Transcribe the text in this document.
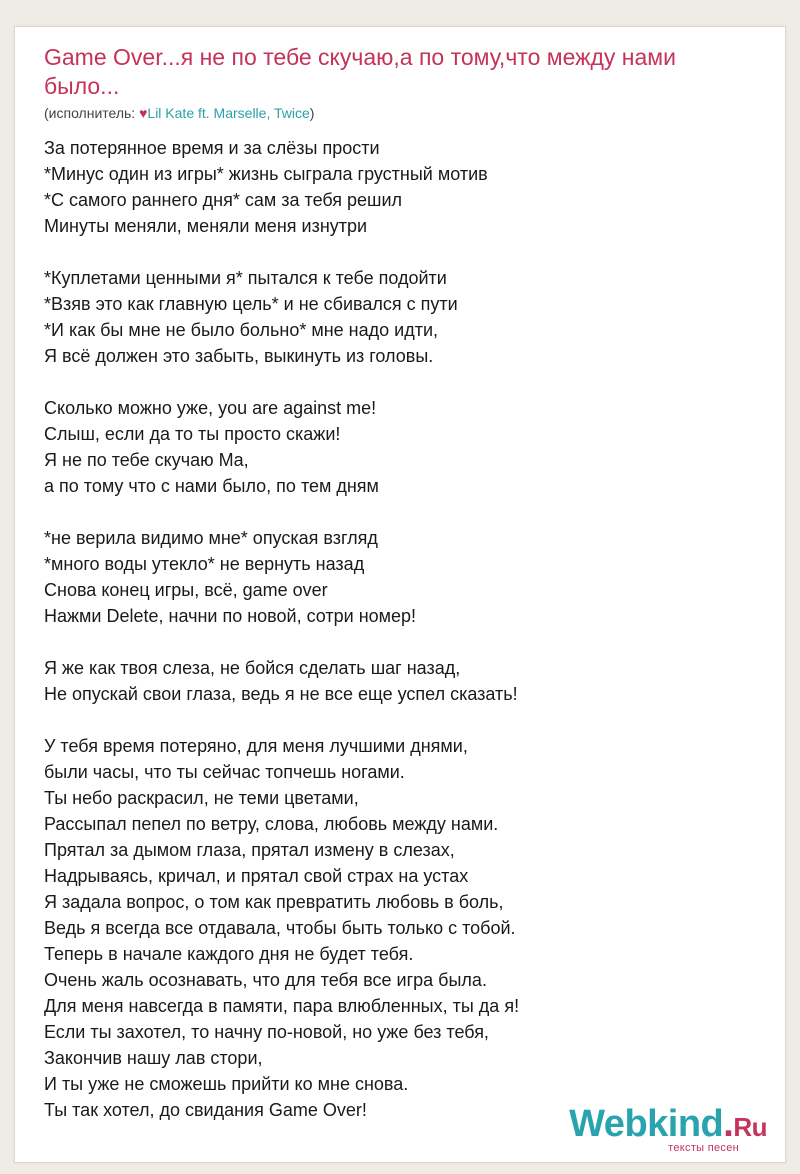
Game Over...я не по тебе скучаю,а по тому,что между нами было...
(исполнитель: ♥Lil Kate ft. Marselle, Twice)
За потерянное время и за слёзы прости
*Минус один из игры* жизнь сыграла грустный мотив
*С самого раннего дня* сам за тебя решил
Минуты меняли, меняли меня изнутри
*Куплетами ценными я* пытался к тебе подойти
*Взяв это как главную цель* и не сбивался с пути
*И как бы мне не было больно* мне надо идти,
Я всё должен это забыть, выкинуть из головы.
Сколько можно уже, you are against me!
Слыш, если да то ты просто скажи!
Я не по тебе скучаю Ma,
а по тому что с нами было, по тем дням
*не верила видимо мне* опуская взгляд
*много воды утекло* не вернуть назад
Снова конец игры, всё, game over
Нажми Delete, начни по новой, сотри номер!
Я же как твоя слеза, не бойся сделать шаг назад,
Не опускай свои глаза, ведь я не все еще успел сказать!
У тебя время потеряно, для меня лучшими днями,
были часы, что ты сейчас топчешь ногами.
Ты небо раскрасил, не теми цветами,
Рассыпал пепел по ветру, слова, любовь между нами.
Прятал за дымом глаза, прятал измену в слезах,
Надрываясь, кричал, и прятал свой страх на устах
Я задала вопрос, о том как превратить любовь в боль,
Ведь я всегда все отдавала, чтобы быть только с тобой.
Теперь в начале каждого дня не будет тебя.
Очень жаль осознавать, что для тебя все игра была.
Для меня навсегда в памяти, пара влюбленных, ты да я!
Если ты захотел, то начну по-новой, но уже без тебя,
Закончив нашу лав стори,
И ты уже не сможешь прийти ко мне снова.
Ты так хотел, до свидания Game Over!	Webkind.Ru
тексты песен
